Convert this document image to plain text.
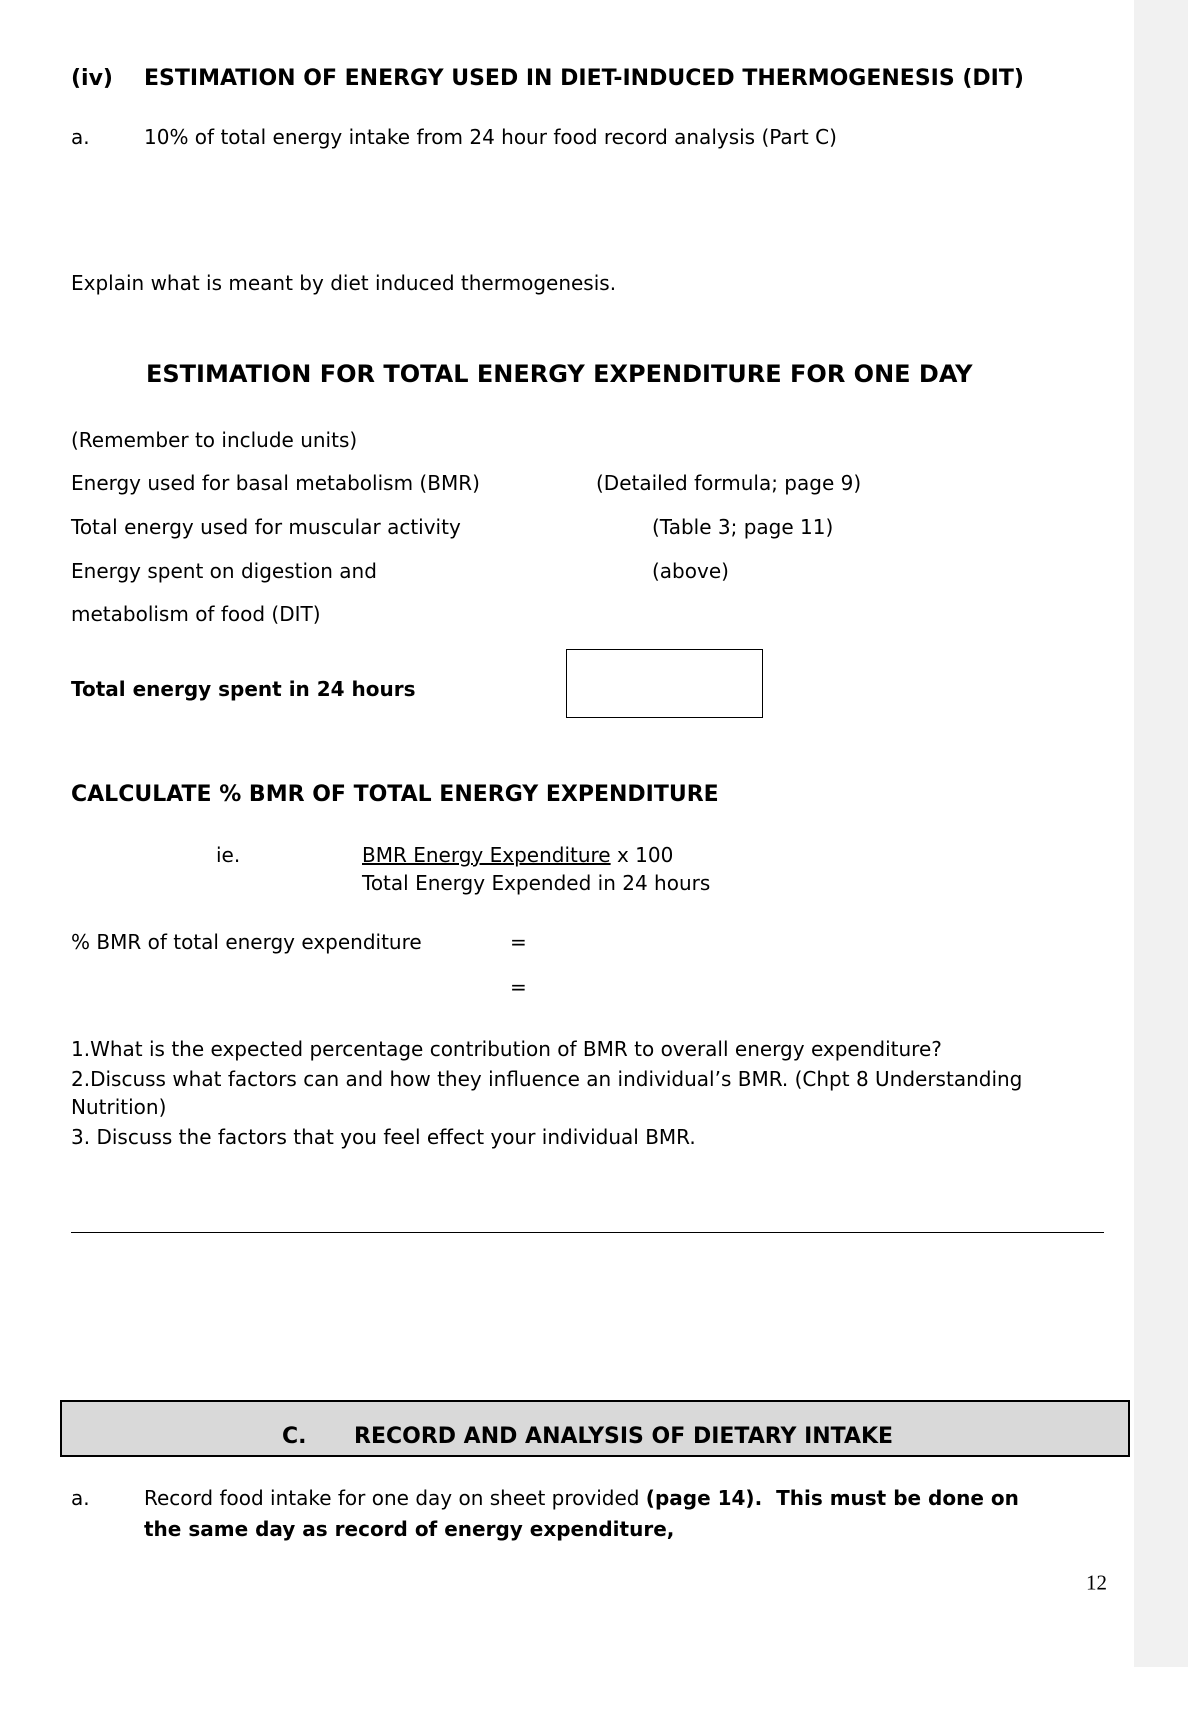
(iv) ESTIMATION OF ENERGY USED IN DIET-INDUCED THERMOGENESIS (DIT)
a.	10% of total energy intake from 24 hour food record analysis (Part C)
Explain what is meant by diet induced thermogenesis.
ESTIMATION FOR TOTAL ENERGY EXPENDITURE FOR ONE DAY
(Remember to include units)
Energy used for basal metabolism (BMR)	(Detailed formula; page 9)
Total energy used for muscular activity	(Table 3; page 11)
Energy spent on digestion and	(above)
metabolism of food (DIT)
Total energy spent in 24 hours
CALCULATE % BMR OF TOTAL ENERGY EXPENDITURE
ie.	BMR Energy Expenditure x 100
Total Energy Expended in 24 hours
% BMR of total energy expenditure	=
=
1.What is the expected percentage contribution of BMR to overall energy expenditure?
2.Discuss what factors can and how they influence an individual’s BMR. (Chpt 8 Understanding
Nutrition)
3. Discuss the factors that you feel effect your individual BMR.
C. RECORD AND ANALYSIS OF DIETARY INTAKE
a.	Record food intake for one day on sheet provided (page 14).  This must be done on
the same day as record of energy expenditure,
12
